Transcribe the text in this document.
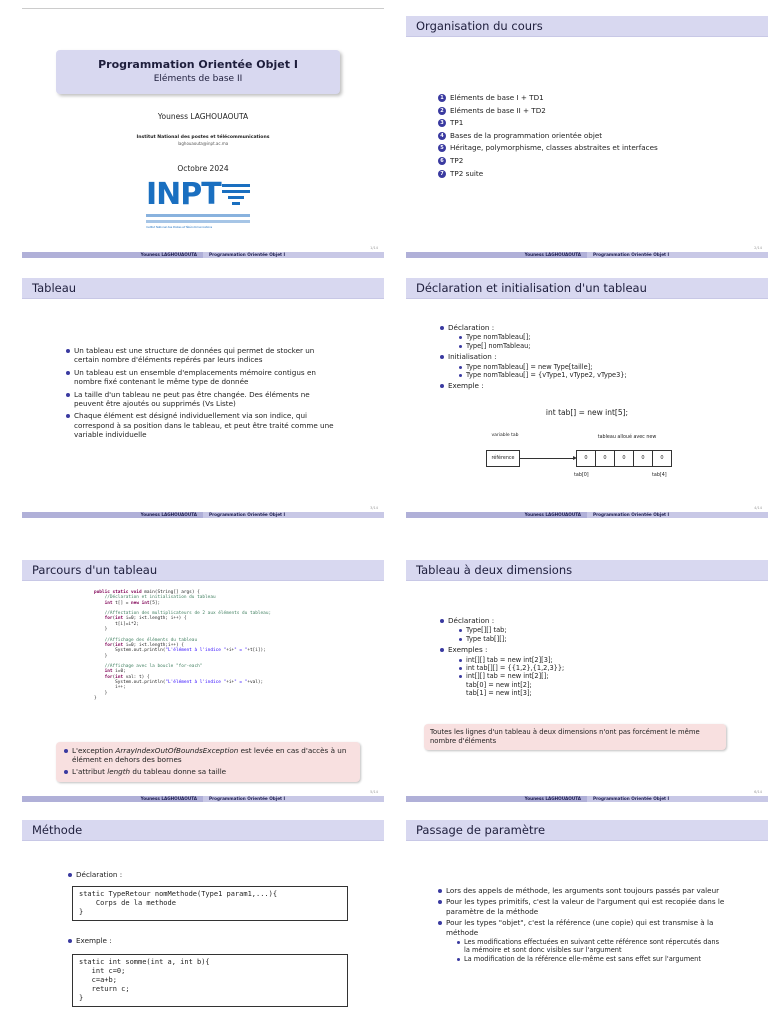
Programmation Orientée Objet I
Eléments de base II
Youness LAGHOUAOUTA
Institut National des postes et télécommunications
laghouaouta@inpt.ac.ma
Octobre 2024
INPT
Institut National des Postes et Télécommunications
1/14
Youness LAGHOUAOUTA	Programmation Orientée Objet I
Organisation du cours
1 Eléments de base I + TD1
2 Eléments de base II + TD2
3 TP1
4 Bases de la programmation orientée objet
5 Héritage, polymorphisme, classes abstraites et interfaces
6 TP2
7 TP2 suite
2/14
Youness LAGHOUAOUTA	Programmation Orientée Objet I
Tableau
Un tableau est une structure de données qui permet de stocker un certain nombre d'éléments repérés par leurs indices
Un tableau est un ensemble d'emplacements mémoire contigus en nombre fixé contenant le même type de donnée
La taille d'un tableau ne peut pas être changée. Des éléments ne peuvent être ajoutés ou supprimés (Vs Liste)
Chaque élément est désigné individuellement via son indice, qui correspond à sa position dans le tableau, et peut être traité comme une variable individuelle
3/14
Youness LAGHOUAOUTA	Programmation Orientée Objet I
Déclaration et initialisation d'un tableau
Déclaration :
Type nomTableau[];
Type[] nomTableau;
Initialisation :
Type nomTableau[] = new Type[taille];
Type nomTableau[] = {vType1, vType2, vType3};
Exemple :
int tab[] = new int[5];
variable tab
référence
tableau alloué avec new
0	0	0	0	0
tab[0]	tab[4]
4/14
Youness LAGHOUAOUTA	Programmation Orientée Objet I
Parcours d'un tableau
public static void main(String[] args) {
//Déclaration et initialisation du tableau
int t[] = new int[5];

//Affectation des multiplicateurs de 2 aux éléments du tableau;
for(int i=0; i<t.length; i++) {
t[i]=i*2;
}

//Affichage des éléments du tableau
for(int i=0; i<t.length;i++) {
System.out.println("L'élément à l'indice "+i+" = "+t[i]);
}

//Affichage avec la boucle "for-each"
int i=0;
for(int val: t) {
System.out.println("L'élément à l'indice "+i+" = "+val);
i++;
}
}
L'exception ArrayIndexOutOfBoundsException est levée en cas d'accès à un élément en dehors des bornes
L'attribut length du tableau donne sa taille
5/14
Youness LAGHOUAOUTA	Programmation Orientée Objet I
Tableau à deux dimensions
Déclaration :
Type[][] tab;
Type tab[][];
Exemples :
int[][] tab = new int[2][3];
int tab[][] = {{1,2},{1,2,3}};
int[][] tab = new int[2][];
tab[0] = new int[2];
tab[1] = new int[3];
Toutes les lignes d'un tableau à deux dimensions n'ont pas forcément le même nombre d'éléments
6/14
Youness LAGHOUAOUTA	Programmation Orientée Objet I
Méthode
Déclaration :
static TypeRetour nomMethode(Type1 param1,...){
Corps de la methode
}
Exemple :
static int somme(int a, int b){
int c=0;
c=a+b;
return c;
}
Passage de paramètre
Lors des appels de méthode, les arguments sont toujours passés par valeur
Pour les types primitifs, c'est la valeur de l'argument qui est recopiée dans le paramètre de la méthode
Pour les types "objet", c'est la référence (une copie) qui est transmise à la méthode
Les modifications effectuées en suivant cette référence sont répercutés dans la mémoire et sont donc visibles sur l'argument
La modification de la référence elle-même est sans effet sur l'argument
